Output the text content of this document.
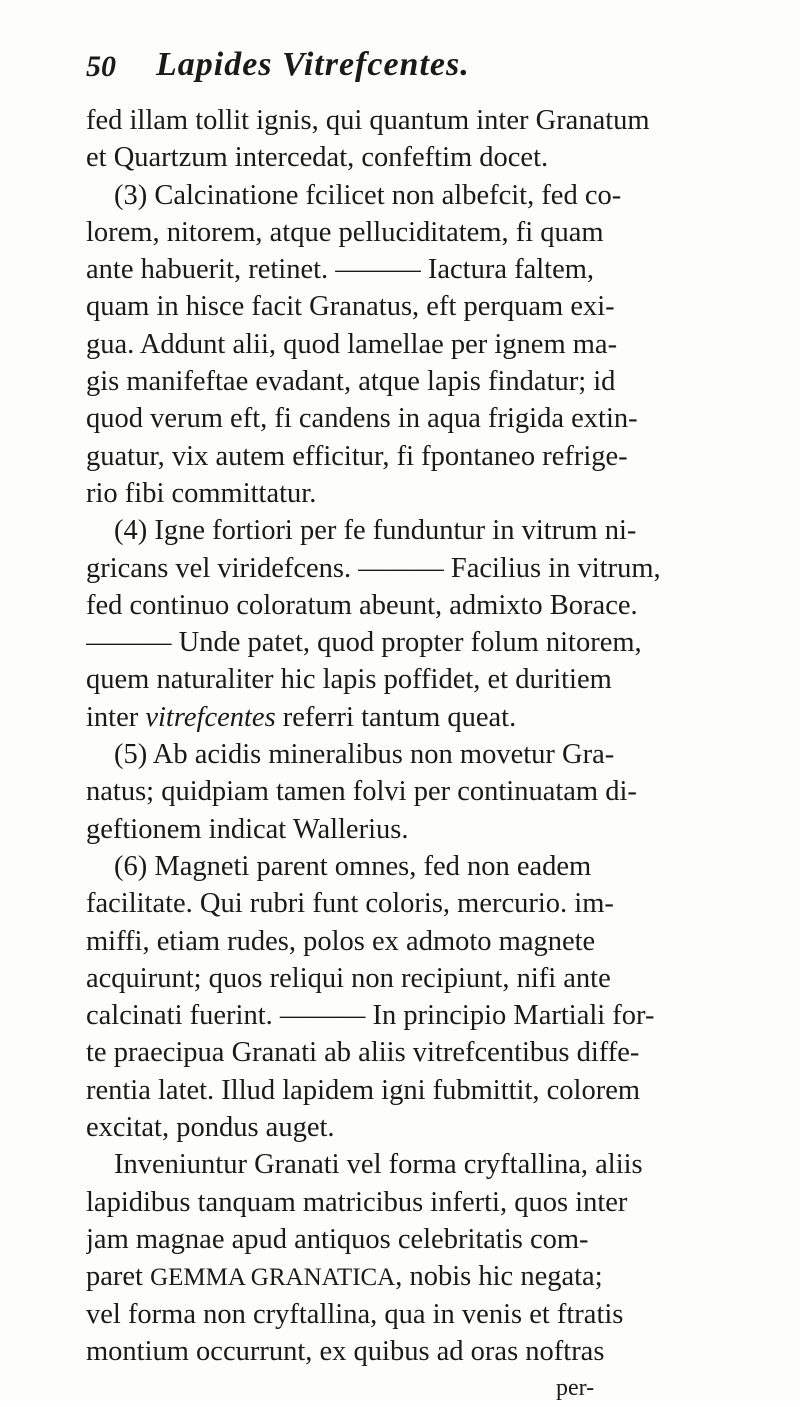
50 Lapides Vitrefcentes.
fed illam tollit ignis, qui quantum inter Granatum
et Quartzum intercedat, confeftim docet.
(3) Calcinatione fcilicet non albefcit, fed co-
lorem, nitorem, atque pelluciditatem, fi quam
ante habuerit, retinet. ——— Iactura faltem,
quam in hisce facit Granatus, eft perquam exi-
gua. Addunt alii, quod lamellae per ignem ma-
gis manifeftae evadant, atque lapis findatur; id
quod verum eft, fi candens in aqua frigida extin-
guatur, vix autem efficitur, fi fpontaneo refrige-
rio fibi committatur.
(4) Igne fortiori per fe funduntur in vitrum ni-
gricans vel viridefcens. ——— Facilius in vitrum,
fed continuo coloratum abeunt, admixto Borace.
——— Unde patet, quod propter folum nitorem,
quem naturaliter hic lapis poffidet, et duritiem
inter vitrefcentes referri tantum queat.
(5) Ab acidis mineralibus non movetur Gra-
natus; quidpiam tamen folvi per continuatam di-
geftionem indicat Wallerius.
(6) Magneti parent omnes, fed non eadem
facilitate. Qui rubri funt coloris, mercurio. im-
miffi, etiam rudes, polos ex admoto magnete
acquirunt; quos reliqui non recipiunt, nifi ante
calcinati fuerint. ——— In principio Martiali for-
te praecipua Granati ab aliis vitrefcentibus diffe-
rentia latet. Illud lapidem igni fubmittit, colorem
excitat, pondus auget.
Inveniuntur Granati vel forma cryftallina, aliis
lapidibus tanquam matricibus inferti, quos inter
jam magnae apud antiquos celebritatis com-
paret GEMMA GRANATICA, nobis hic negata;
vel forma non cryftallina, qua in venis et ftratis
montium occurrunt, ex quibus ad oras noftras
per-
